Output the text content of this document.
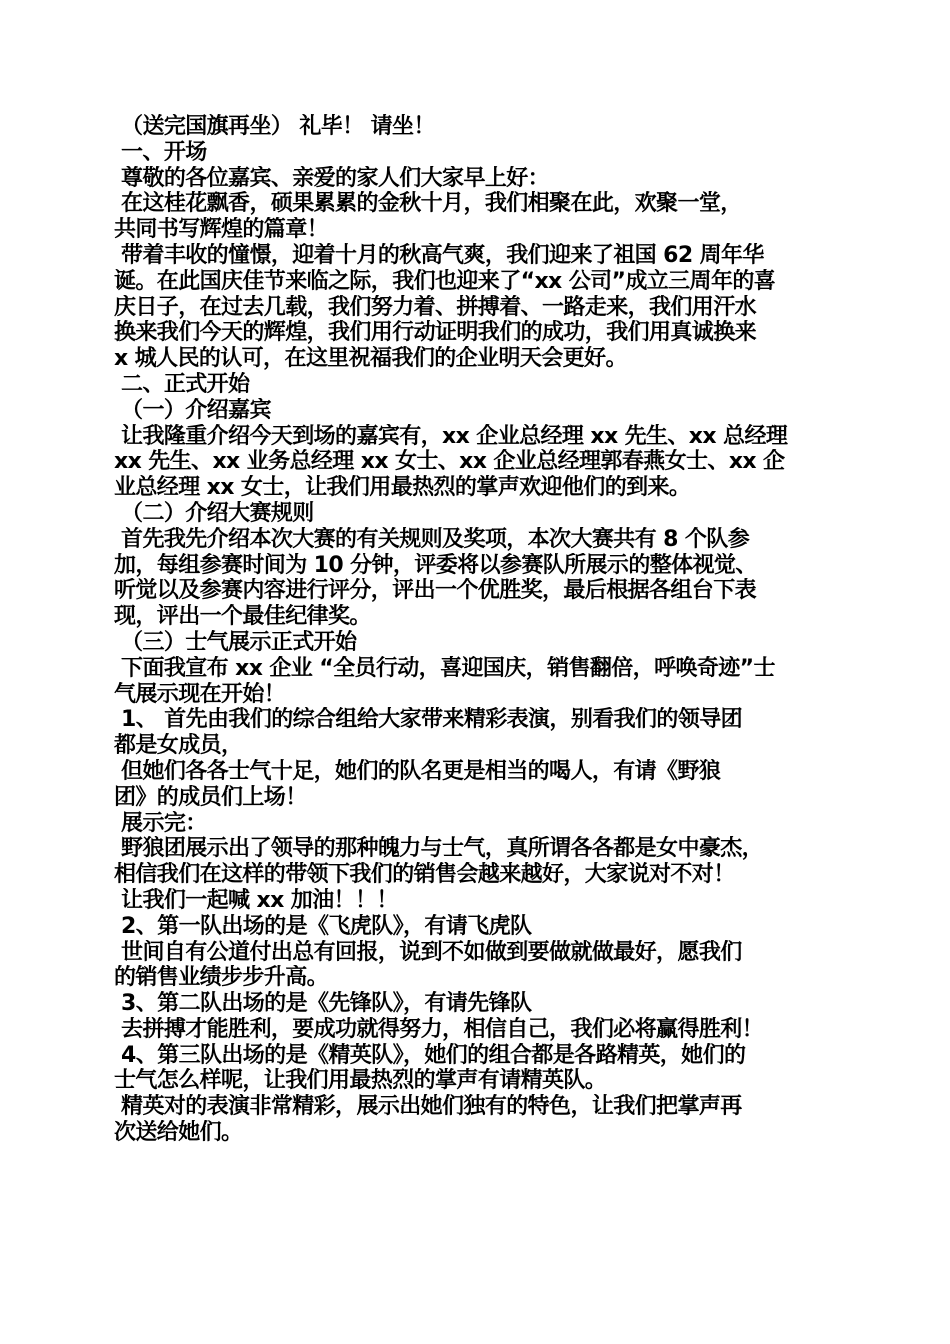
（送完国旗再坐） 礼毕！ 请坐！
一、开场
尊敬的各位嘉宾、亲爱的家人们大家早上好：
在这桂花飘香，硕果累累的金秋十月，我们相聚在此，欢聚一堂，
共同书写辉煌的篇章！
带着丰收的憧憬，迎着十月的秋高气爽，我们迎来了祖国 62 周年华
诞。在此国庆佳节来临之际，我们也迎来了“xx 公司”成立三周年的喜
庆日子，在过去几载，我们努力着、拼搏着、一路走来，我们用汗水
换来我们今天的辉煌，我们用行动证明我们的成功，我们用真诚换来
x 城人民的认可，在这里祝福我们的企业明天会更好。
二、正式开始
（一）介绍嘉宾
让我隆重介绍今天到场的嘉宾有，xx 企业总经理 xx 先生、xx 总经理
xx 先生、xx 业务总经理 xx 女士、xx 企业总经理郭春燕女士、xx 企
业总经理 xx 女士，让我们用最热烈的掌声欢迎他们的到来。
（二）介绍大赛规则
首先我先介绍本次大赛的有关规则及奖项，本次大赛共有 8 个队参
加，每组参赛时间为 10 分钟，评委将以参赛队所展示的整体视觉、
听觉以及参赛内容进行评分，评出一个优胜奖，最后根据各组台下表
现，评出一个最佳纪律奖。
（三）士气展示正式开始
下面我宣布 xx 企业 “全员行动，喜迎国庆，销售翻倍，呼唤奇迹”士
气展示现在开始！
1、 首先由我们的综合组给大家带来精彩表演，别看我们的领导团
都是女成员，
但她们各各士气十足，她们的队名更是相当的喝人，有请《野狼
团》的成员们上场！
展示完：
野狼团展示出了领导的那种魄力与士气，真所谓各各都是女中豪杰，
相信我们在这样的带领下我们的销售会越来越好，大家说对不对！
让我们一起喊 xx 加油！！！
2、第一队出场的是《飞虎队》，有请飞虎队
世间自有公道付出总有回报，说到不如做到要做就做最好，愿我们
的销售业绩步步升高。
3、第二队出场的是《先锋队》，有请先锋队
去拼搏才能胜利，要成功就得努力，相信自己，我们必将赢得胜利！
4、第三队出场的是《精英队》，她们的组合都是各路精英，她们的
士气怎么样呢，让我们用最热烈的掌声有请精英队。
精英对的表演非常精彩，展示出她们独有的特色，让我们把掌声再
次送给她们。
